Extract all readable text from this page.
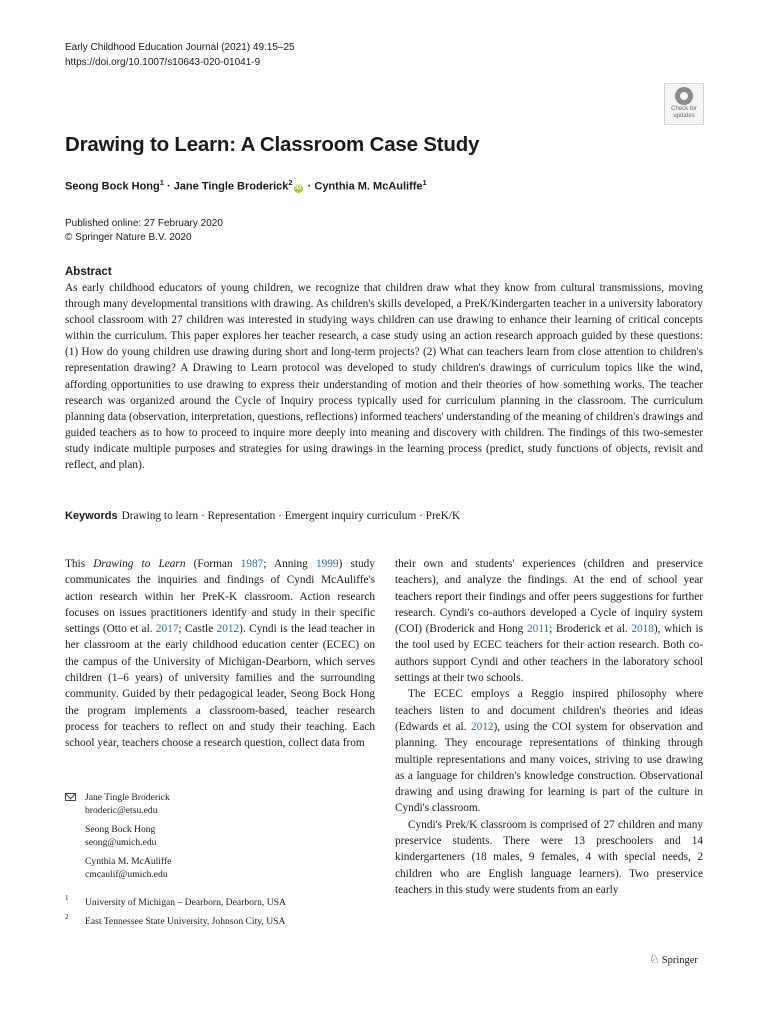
Early Childhood Education Journal (2021) 49:15–25
https://doi.org/10.1007/s10643-020-01041-9
Check for
updates
Drawing to Learn: A Classroom Case Study
Seong Bock Hong$^1$ · Jane Tingle Broderick$^2$iD · Cynthia M. McAuliffe$^1$
Published online: 27 February 2020
© Springer Nature B.V. 2020
Abstract

As early childhood educators of young children, we recognize that children draw what they know from cultural transmissions, moving through many developmental transitions with drawing. As children's skills developed, a PreK/Kindergarten teacher in a university laboratory school classroom with 27 children was interested in studying ways children can use drawing to enhance their learning of critical concepts within the curriculum. This paper explores her teacher research, a case study using an action research approach guided by these questions: (1) How do young children use drawing during short and long-term projects? (2) What can teachers learn from close attention to children's representation drawing? A Drawing to Learn protocol was developed to study children's drawings of curriculum topics like the wind, affording opportunities to use drawing to express their understanding of motion and their theories of how something works. The teacher research was organized around the Cycle of Inquiry process typically used for curriculum planning in the classroom. The curriculum planning data (observation, interpretation, questions, reflections) informed teachers' understanding of the meaning of children's drawings and guided teachers as to how to proceed to inquire more deeply into meaning and discovery with children. The findings of this two-semester study indicate multiple purposes and strategies for using drawings in the learning process (predict, study functions of objects, revisit and reflect, and plan).

Keywords Drawing to learn · Representation · Emergent inquiry curriculum · PreK/K

This Drawing to Learn (Forman 1987; Anning 1999) study communicates the inquiries and findings of Cyndi McAuliffe's action research within her PreK-K classroom. Action research focuses on issues practitioners identify and study in their specific settings (Otto et al. 2017; Castle 2012). Cyndi is the lead teacher in her classroom at the early childhood education center (ECEC) on the campus of the University of Michigan-Dearborn, which serves children (1–6 years) of university families and the surrounding community. Guided by their pedagogical leader, Seong Bock Hong the program implements a classroom-based, teacher research process for teachers to reflect on and study their teaching. Each school year, teachers choose a research question, collect data from

their own and students' experiences (children and preservice teachers), and analyze the findings. At the end of school year teachers report their findings and offer peers suggestions for further research. Cyndi's co-authors developed a Cycle of inquiry system (COI) (Broderick and Hong 2011; Broderick et al. 2018), which is the tool used by ECEC teachers for their action research. Both co-authors support Cyndi and other teachers in the laboratory school settings at their two schools.

The ECEC employs a Reggio inspired philosophy where teachers listen to and document children's theories and ideas (Edwards et al. 2012), using the COI system for observation and planning. They encourage representations of thinking through multiple representations and many voices, striving to use drawing as a language for children's knowledge construction. Observational drawing and using drawing for learning is part of the culture in Cyndi's classroom.

Cyndi's Prek/K classroom is comprised of 27 children and many preservice students. There were 13 preschoolers and 14 kindergarteners (18 males, 9 females, 4 with special needs, 2 children who are English language learners). Two preservice teachers in this study were students from an early

Jane Tingle Broderick
broderic@etsu.edu
Seong Bock Hong
seong@umich.edu
Cynthia M. McAuliffe
cmcaulif@umich.edu
1 University of Michigan – Dearborn, Dearborn, USA
2 East Tennessee State University, Johnson City, USA
♘ Springer
